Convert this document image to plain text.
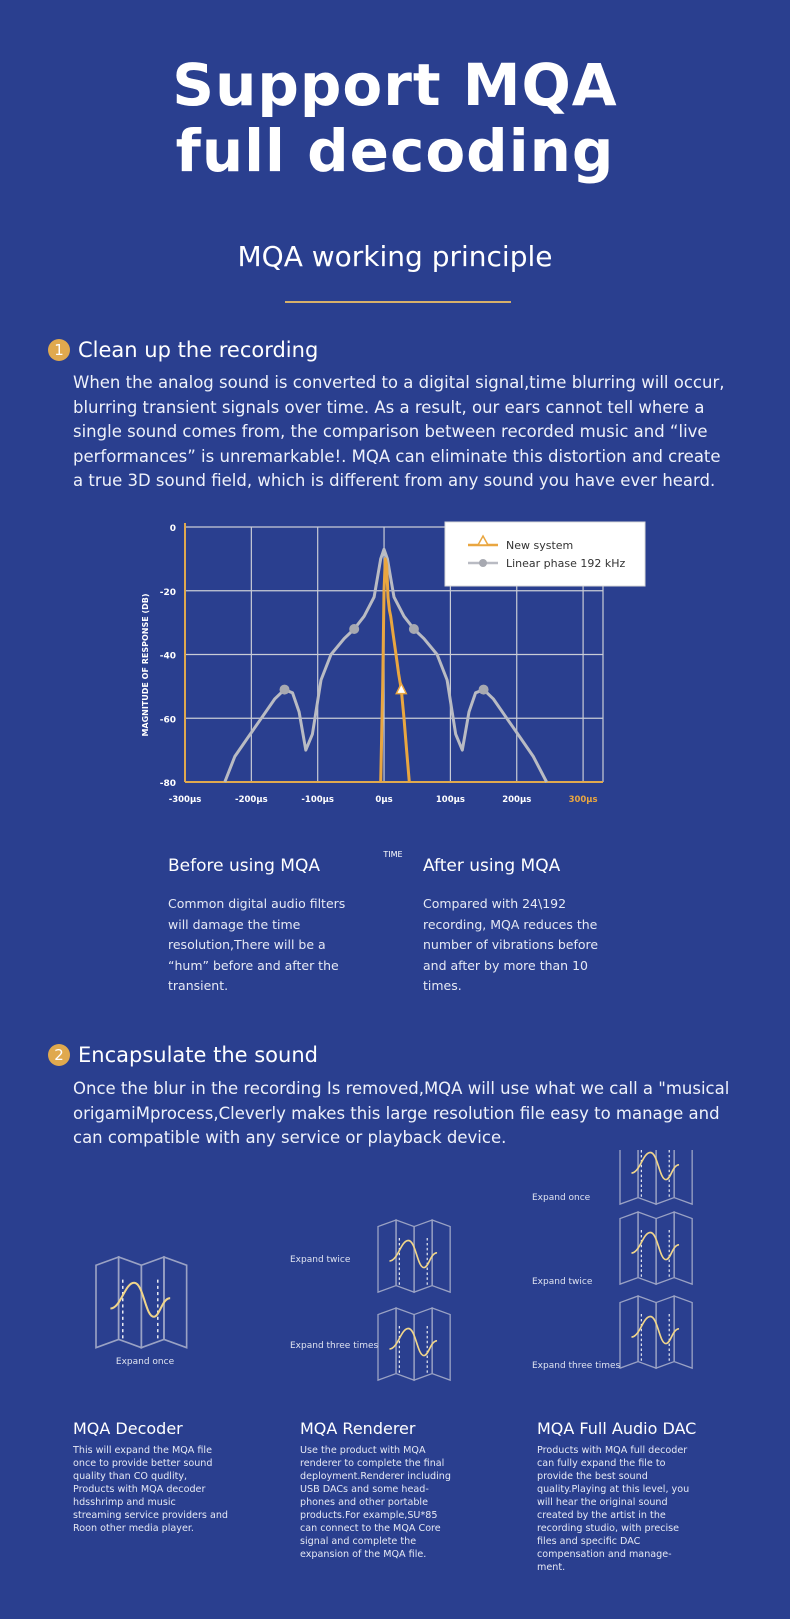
Support MQA
full decoding
MQA working principle
1 Clean up the recording
When the analog sound is converted to a digital signal,time blurring will occur,
blurring transient signals over time. As a result, our ears cannot tell where a
single sound comes from, the comparison between recorded music and “live
performances” is unremarkable!. MQA can eliminate this distortion and create
a true 3D sound field, which is different from any sound you have ever heard.
0
-20
-40
-60
-80
-300µs	-200µs	-100µs	0µs	100µs	200µs	300µs
MAGNITUDE OF RESPONSE (DB)
TIME
New system
Linear phase 192 kHz
Before using MQA
Common digital audio filters
will damage the time
resolution,There will be a
“hum” before and after the
transient.
After using MQA
Compared with 24\192
recording, MQA reduces the
number of vibrations before
and after by more than 10
times.
2 Encapsulate the sound
Once the blur in the recording Is removed,MQA will use what we call a "musical
origamiMprocess,Cleverly makes this large resolution file easy to manage and
can compatible with any service or playback device.
Expand once
Expand twice
Expand three times
Expand once
Expand twice
Expand three times
MQA Decoder
This will expand the MQA file
once to provide better sound
quality than CO qudlity,
Products with MQA decoder
hdsshrimp and music
streaming service providers and
Roon other media player.
MQA Renderer
Use the product with MQA
renderer to complete the final
deployment.Renderer including
USB DACs and some head-
phones and other portable
products.For example,SU*85
can connect to the MQA Core
signal and complete the
expansion of the MQA file.
MQA Full Audio DAC
Products with MQA full decoder
can fully expand the file to
provide the best sound
quality.Playing at this level, you
will hear the original sound
created by the artist in the
recording studio, with precise
files and specific DAC
compensation and manage-
ment.
